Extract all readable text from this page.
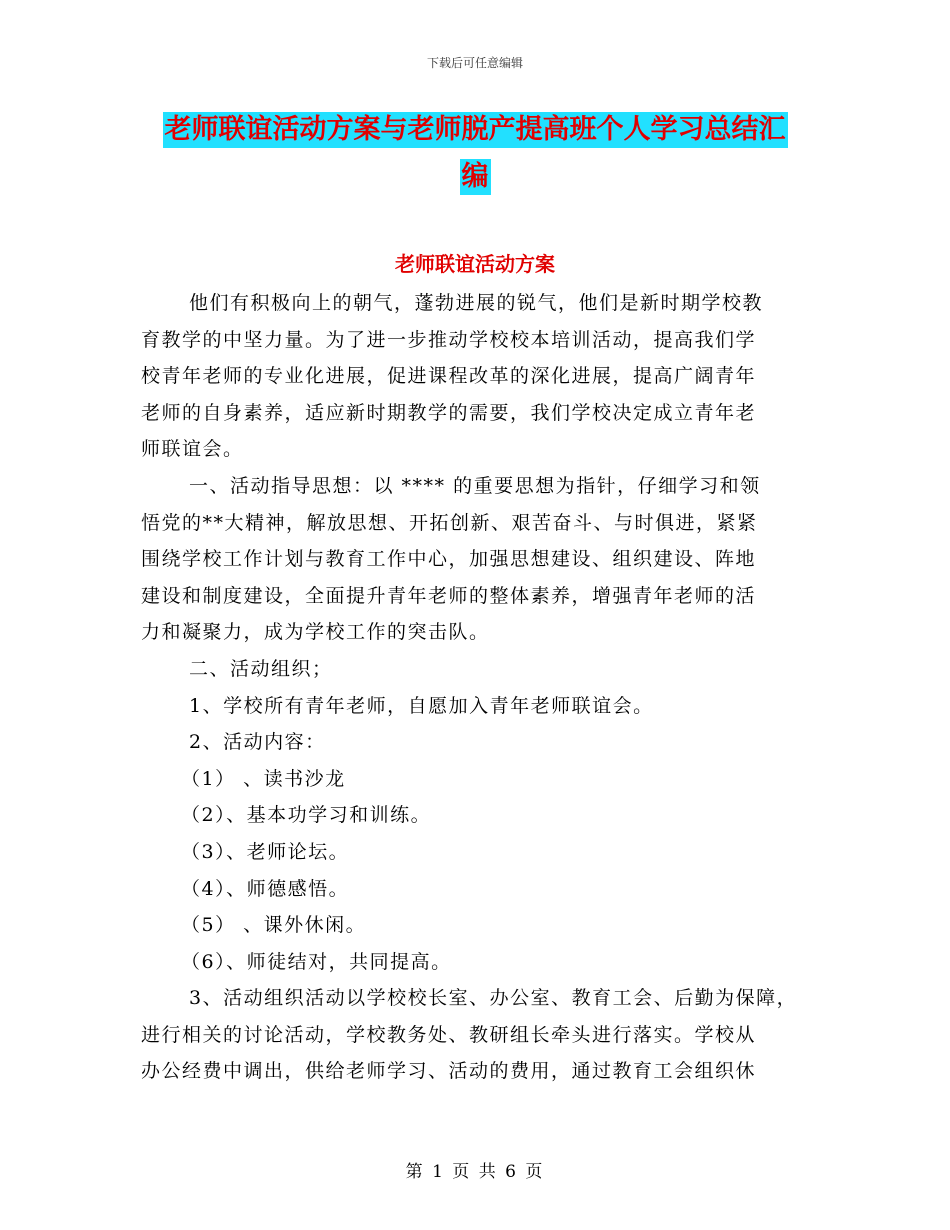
下载后可任意编辑
老师联谊活动方案与老师脱产提高班个人学习总结汇
编
老师联谊活动方案
他们有积极向上的朝气，蓬勃进展的锐气，他们是新时期学校教
育教学的中坚力量。为了进一步推动学校校本培训活动，提高我们学
校青年老师的专业化进展，促进课程改革的深化进展，提高广阔青年
老师的自身素养，适应新时期教学的需要，我们学校决定成立青年老
师联谊会。
一、活动指导思想：以 **** 的重要思想为指针，仔细学习和领
悟党的**大精神，解放思想、开拓创新、艰苦奋斗、与时俱进，紧紧
围绕学校工作计划与教育工作中心，加强思想建设、组织建设、阵地
建设和制度建设，全面提升青年老师的整体素养，增强青年老师的活
力和凝聚力，成为学校工作的突击队。
二、活动组织；
1、学校所有青年老师，自愿加入青年老师联谊会。
2、活动内容：
（1） 、读书沙龙
（2）、基本功学习和训练。
（3）、老师论坛。
（4）、师德感悟。
（5） 、课外休闲。
（6）、师徒结对，共同提高。
3、活动组织活动以学校校长室、办公室、教育工会、后勤为保障，
进行相关的讨论活动，学校教务处、教研组长牵头进行落实。学校从
办公经费中调出，供给老师学习、活动的费用，通过教育工会组织休
第 1 页 共 6 页
